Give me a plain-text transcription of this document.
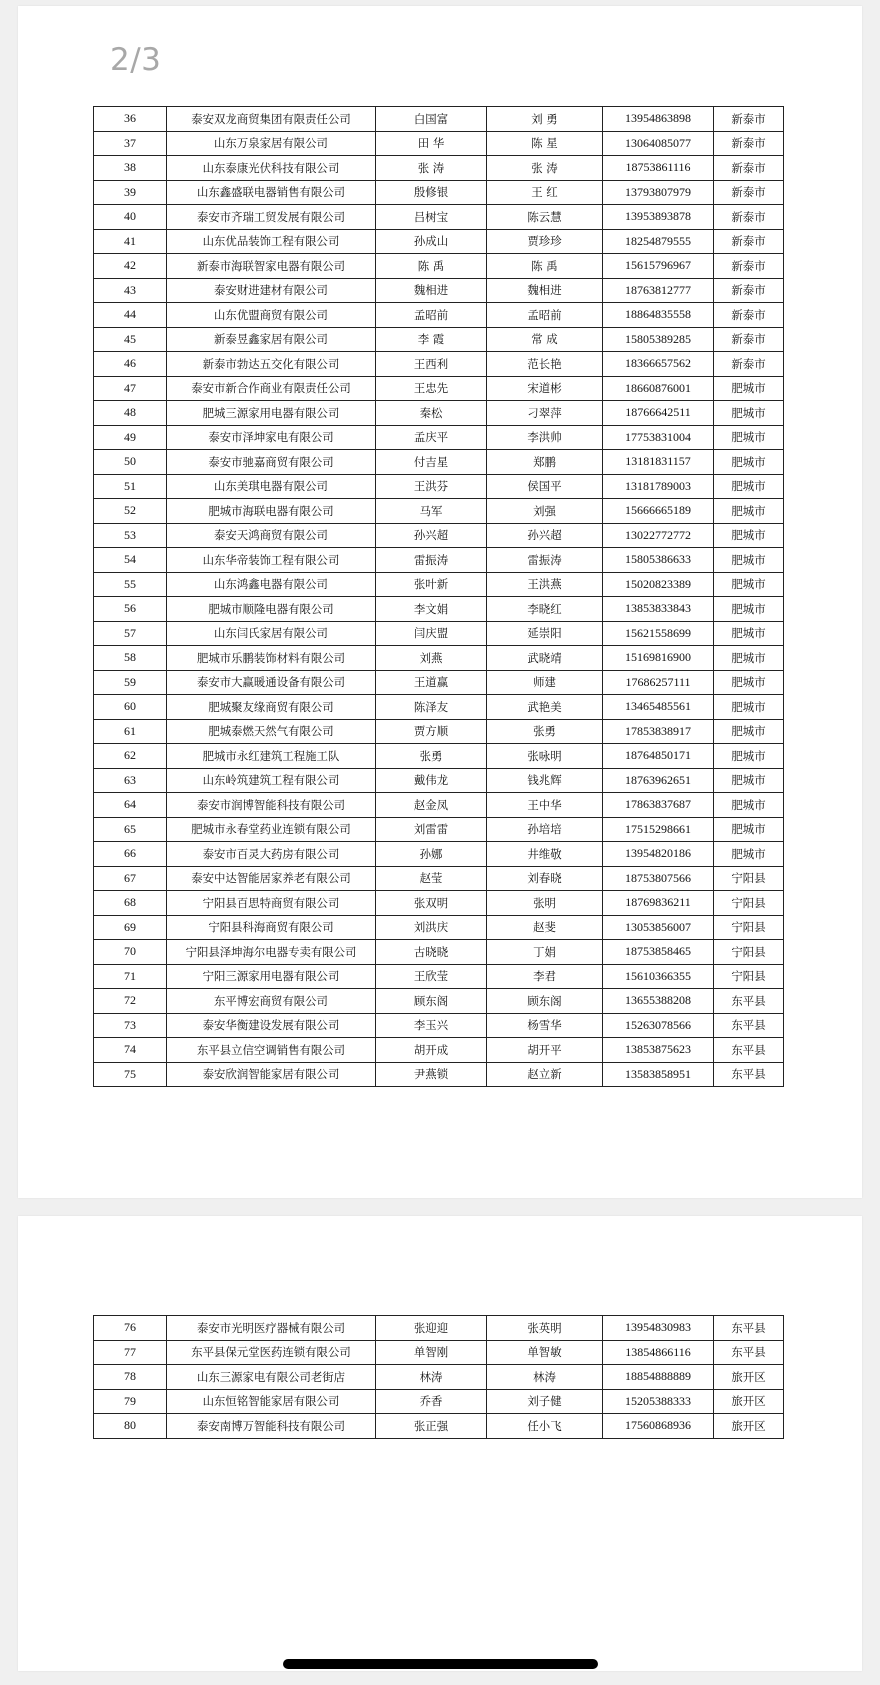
2/3
36	泰安双龙商贸集团有限责任公司	白国富	刘 勇	13954863898	新泰市
37	山东万泉家居有限公司	田 华	陈 星	13064085077	新泰市
38	山东泰康光伏科技有限公司	张 涛	张 涛	18753861116	新泰市
39	山东鑫盛联电器销售有限公司	殷修银	王 红	13793807979	新泰市
40	泰安市齐瑞工贸发展有限公司	吕树宝	陈云慧	13953893878	新泰市
41	山东优品装饰工程有限公司	孙成山	贾珍珍	18254879555	新泰市
42	新泰市海联智家电器有限公司	陈 禹	陈 禹	15615796967	新泰市
43	泰安财进建材有限公司	魏相进	魏相进	18763812777	新泰市
44	山东优盟商贸有限公司	孟昭前	孟昭前	18864835558	新泰市
45	新泰昱鑫家居有限公司	李 霞	常 成	15805389285	新泰市
46	新泰市勃达五交化有限公司	王西利	范长艳	18366657562	新泰市
47	泰安市新合作商业有限责任公司	王忠先	宋道彬	18660876001	肥城市
48	肥城三源家用电器有限公司	秦松	刁翠萍	18766642511	肥城市
49	泰安市泽坤家电有限公司	孟庆平	李洪帅	17753831004	肥城市
50	泰安市驰嘉商贸有限公司	付吉星	郑鹏	13181831157	肥城市
51	山东美琪电器有限公司	王洪芬	侯国平	13181789003	肥城市
52	肥城市海联电器有限公司	马军	刘强	15666665189	肥城市
53	泰安天鸿商贸有限公司	孙兴超	孙兴超	13022772772	肥城市
54	山东华帝装饰工程有限公司	雷振涛	雷振涛	15805386633	肥城市
55	山东鸿鑫电器有限公司	张叶新	王洪燕	15020823389	肥城市
56	肥城市顺隆电器有限公司	李文娟	李晓红	13853833843	肥城市
57	山东闫氏家居有限公司	闫庆盟	延崇阳	15621558699	肥城市
58	肥城市乐鹏装饰材料有限公司	刘燕	武晓靖	15169816900	肥城市
59	泰安市大赢暖通设备有限公司	王道赢	师建	17686257111	肥城市
60	肥城聚友缘商贸有限公司	陈泽友	武艳美	13465485561	肥城市
61	肥城泰燃天然气有限公司	贾方顺	张勇	17853838917	肥城市
62	肥城市永红建筑工程施工队	张勇	张咏明	18764850171	肥城市
63	山东岭筑建筑工程有限公司	戴伟龙	钱兆辉	18763962651	肥城市
64	泰安市润博智能科技有限公司	赵金凤	王中华	17863837687	肥城市
65	肥城市永春堂药业连锁有限公司	刘雷雷	孙培培	17515298661	肥城市
66	泰安市百灵大药房有限公司	孙娜	井维敬	13954820186	肥城市
67	泰安中达智能居家养老有限公司	赵莹	刘春晓	18753807566	宁阳县
68	宁阳县百思特商贸有限公司	张双明	张明	18769836211	宁阳县
69	宁阳县科海商贸有限公司	刘洪庆	赵斐	13053856007	宁阳县
70	宁阳县泽坤海尔电器专卖有限公司	古晓晓	丁娟	18753858465	宁阳县
71	宁阳三源家用电器有限公司	王欣莹	李君	15610366355	宁阳县
72	东平博宏商贸有限公司	顾东阁	顾东阁	13655388208	东平县
73	泰安华衡建设发展有限公司	李玉兴	杨雪华	15263078566	东平县
74	东平县立信空调销售有限公司	胡开成	胡开平	13853875623	东平县
75	泰安欣润智能家居有限公司	尹燕锁	赵立新	13583858951	东平县
76	泰安市光明医疗器械有限公司	张迎迎	张英明	13954830983	东平县
77	东平县保元堂医药连锁有限公司	单智刚	单智敏	13854866116	东平县
78	山东三源家电有限公司老街店	林涛	林涛	18854888889	旅开区
79	山东恒铭智能家居有限公司	乔香	刘子健	15205388333	旅开区
80	泰安南博万智能科技有限公司	张正强	任小飞	17560868936	旅开区
